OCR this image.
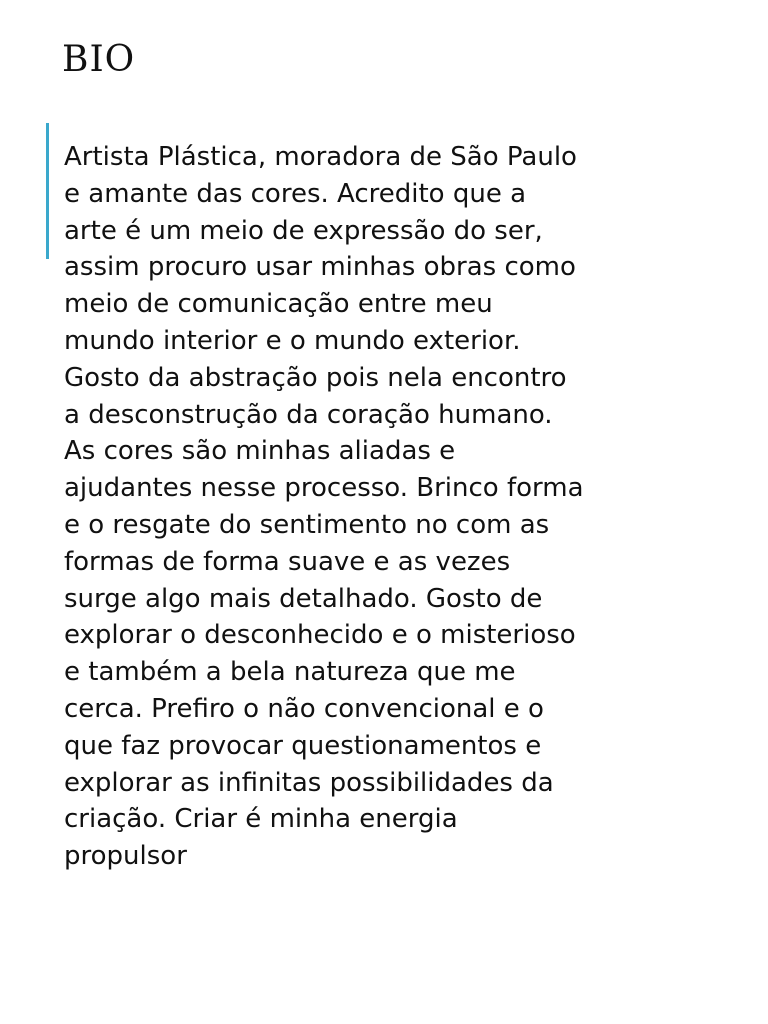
BIO

Artista Plástica, moradora de São Paulo e amante das cores. Acredito que a arte é um meio de expressão do ser, assim procuro usar minhas obras como meio de comunicação entre meu mundo interior e o mundo exterior. Gosto da abstração pois nela encontro a desconstrução da coração humano. As cores são minhas aliadas e ajudantes nesse processo. Brinco forma e o resgate do sentimento no com as formas de forma suave e as vezes surge algo mais detalhado. Gosto de explorar o desconhecido e o misterioso e também a bela natureza que me cerca. Prefiro o não convencional e o que faz provocar questionamentos e explorar as infinitas possibilidades da criação. Criar é minha energia propulsor
